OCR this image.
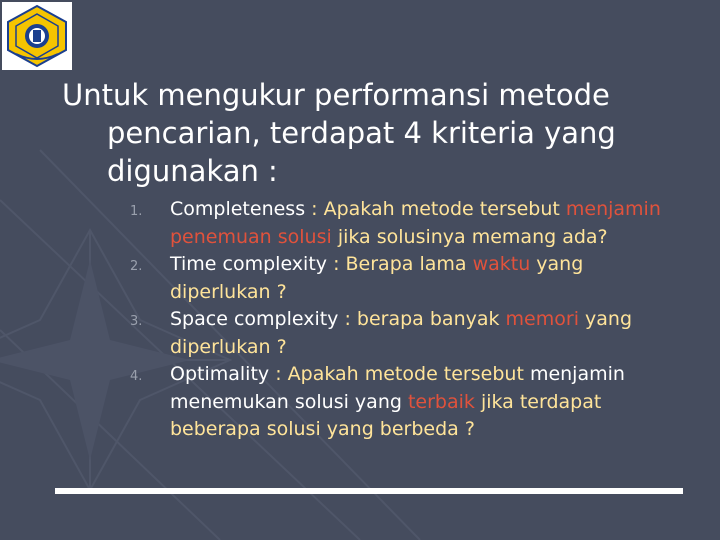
Untuk mengukur performansi metode pencarian, terdapat 4 kriteria yang digunakan :

1. Completeness : Apakah metode tersebut menjamin penemuan solusi jika solusinya memang ada?
2. Time complexity : Berapa lama waktu yang diperlukan ?
3. Space complexity : berapa banyak memori yang diperlukan ?
4. Optimality : Apakah metode tersebut menjamin menemukan solusi yang terbaik jika terdapat beberapa solusi yang berbeda ?
